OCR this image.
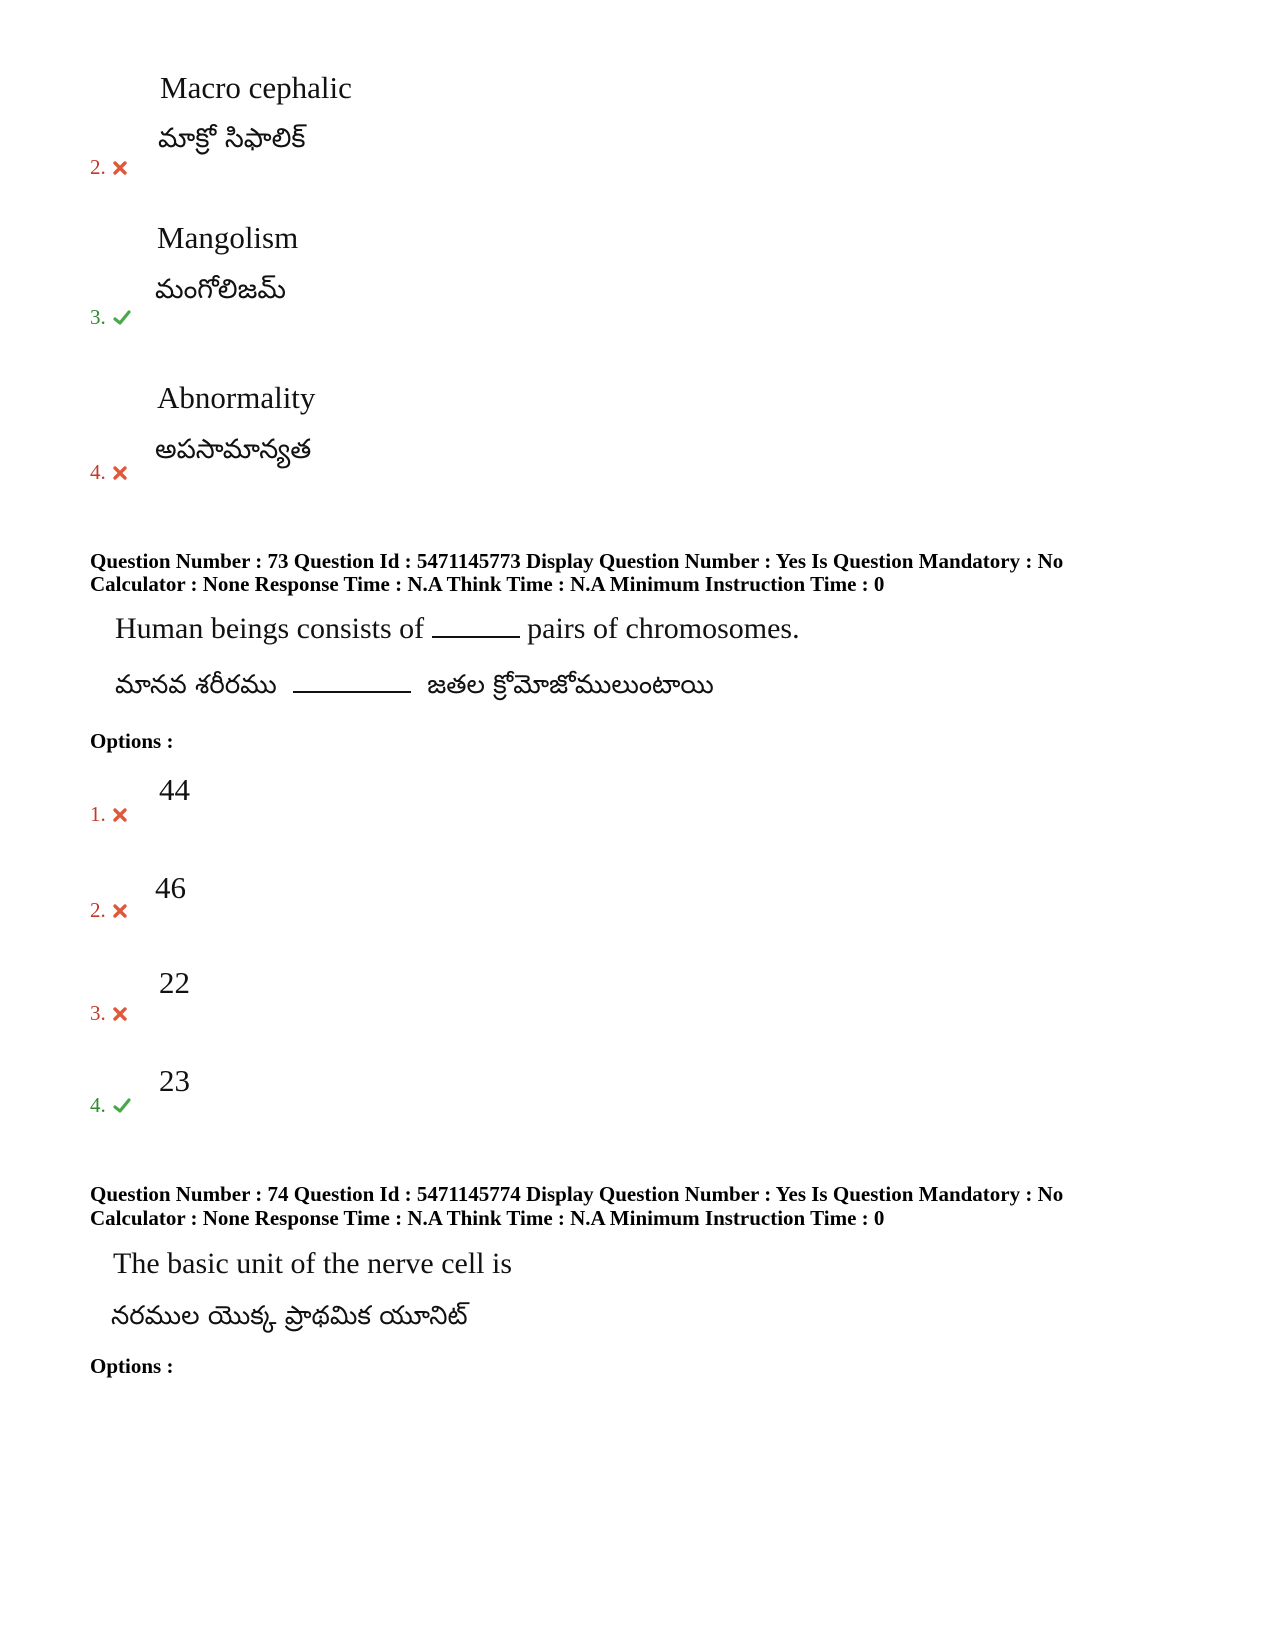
Macro cephalic
మాక్రో సిఫాలిక్
2.
Mangolism
మంగోలిజమ్
3.
Abnormality
అపసామాన్యత
4.
Question Number : 73 Question Id : 5471145773 Display Question Number : Yes Is Question Mandatory : No
Calculator : None Response Time : N.A Think Time : N.A Minimum Instruction Time : 0
Human beings consists of	pairs of chromosomes.
మానవ శరీరము	జతల క్రోమోజోములుంటాయి
Options :
44
1.
46
2.
22
3.
23
4.
Question Number : 74 Question Id : 5471145774 Display Question Number : Yes Is Question Mandatory : No
Calculator : None Response Time : N.A Think Time : N.A Minimum Instruction Time : 0
The basic unit of the nerve cell is
నరముల యొక్క ప్రాథమిక యూనిట్
Options :
